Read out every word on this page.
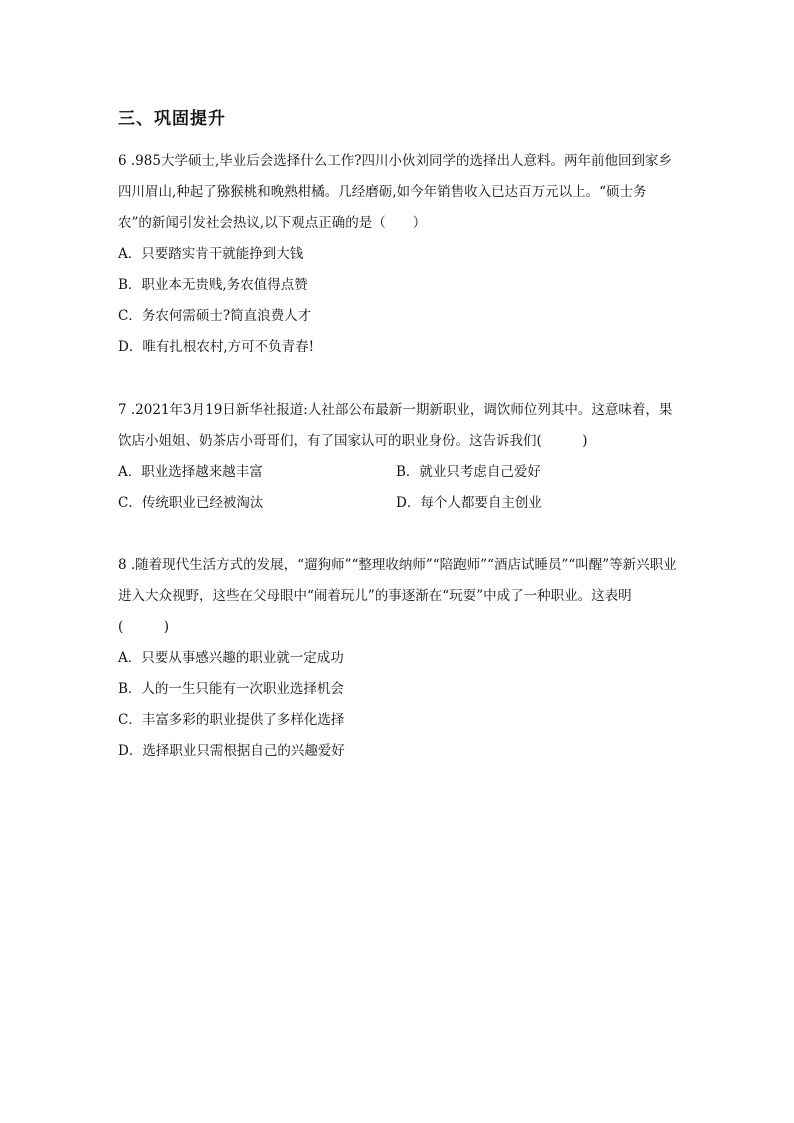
三、巩固提升

6 .985大学硕士,毕业后会选择什么工作?四川小伙刘同学的选择出人意料。两年前他回到家乡四川眉山,种起了猕猴桃和晚熟柑橘。几经磨砺,如今年销售收入已达百万元以上。“硕士务农”的新闻引发社会热议,以下观点正确的是（　　）

A．只要踏实肯干就能挣到大钱

B．职业本无贵贱,务农值得点赞

C．务农何需硕士?简直浪费人才

D．唯有扎根农村,方可不负青春!

7 .2021年3月19日新华社报道:人社部公布最新一期新职业，调饮师位列其中。这意味着，果饮店小姐姐、奶茶店小哥哥们，有了国家认可的职业身份。这告诉我们(　　　)

A．职业选择越来越丰富	B．就业只考虑自己爱好

C．传统职业已经被淘汰	D．每个人都要自主创业

8 .随着现代生活方式的发展，“遛狗师”“整理收纳师”“陪跑师”“酒店试睡员”“叫醒”等新兴职业进入大众视野，这些在父母眼中“闹着玩儿”的事逐渐在“玩耍”中成了一种职业。这表明(　　　)

A．只要从事感兴趣的职业就一定成功

B．人的一生只能有一次职业选择机会

C．丰富多彩的职业提供了多样化选择

D．选择职业只需根据自己的兴趣爱好
